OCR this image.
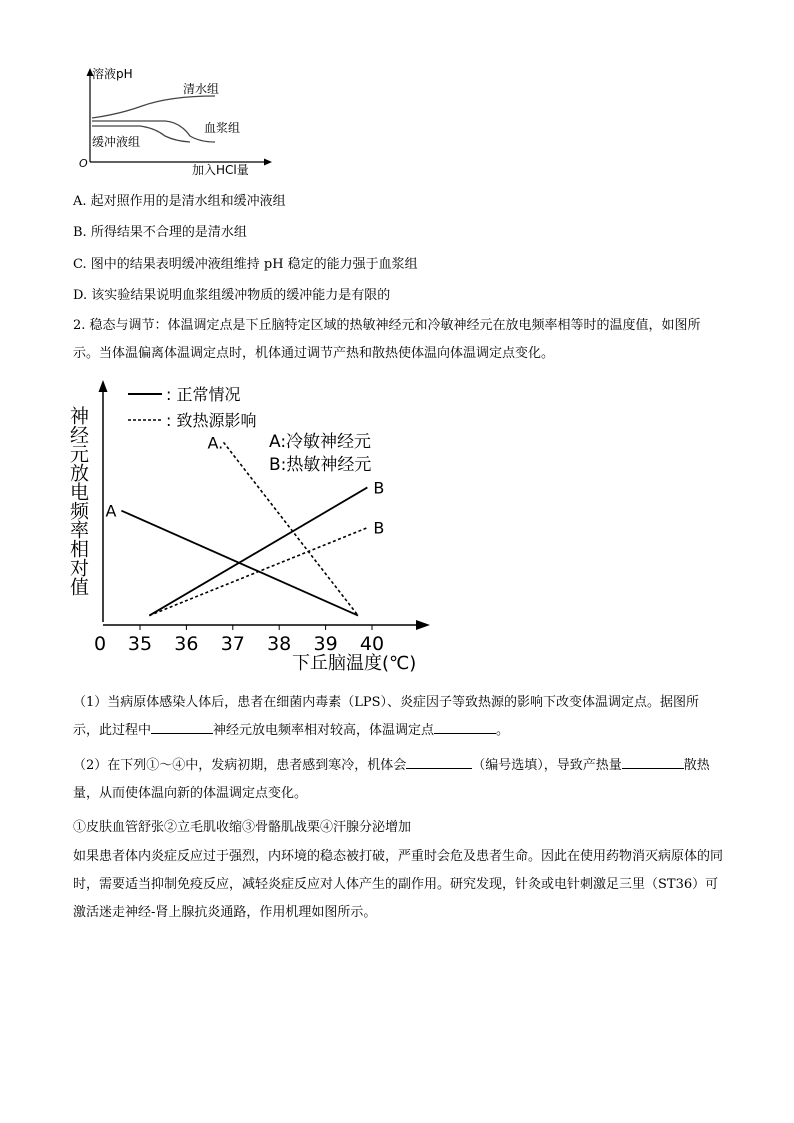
溶液pH
加入HCl量
O
清水组
血浆组
缓冲液组
A. 起对照作用的是清水组和缓冲液组
B. 所得结果不合理的是清水组
C. 图中的结果表明缓冲液组维持 pH 稳定的能力强于血浆组
D. 该实验结果说明血浆组缓冲物质的缓冲能力是有限的
2. 稳态与调节：体温调定点是下丘脑特定区域的热敏神经元和冷敏神经元在放电频率相等时的温度值，如图所示。当体温偏离体温调定点时，机体通过调节产热和散热使体温向体温调定点变化。
神经元放电频率相对值
下丘脑温度(℃)
0 35 36 37 38 39 40
: 正常情况
: 致热源影响
A:冷敏神经元
B:热敏神经元
A
B
A.
B
（1）当病原体感染人体后，患者在细菌内毒素（LPS）、炎症因子等致热源的影响下改变体温调定点。据图所示，此过程中	神经元放电频率相对较高，体温调定点	。
（2）在下列①～④中，发病初期，患者感到寒冷，机体会	（编号选填），导致产热量	散热量，从而使体温向新的体温调定点变化。
①皮肤血管舒张②立毛肌收缩③骨骼肌战栗④汗腺分泌增加
如果患者体内炎症反应过于强烈，内环境的稳态被打破，严重时会危及患者生命。因此在使用药物消灭病原体的同时，需要适当抑制免疫反应，减轻炎症反应对人体产生的副作用。研究发现，针灸或电针刺激足三里（ST36）可激活迷走神经-肾上腺抗炎通路，作用机理如图所示。
